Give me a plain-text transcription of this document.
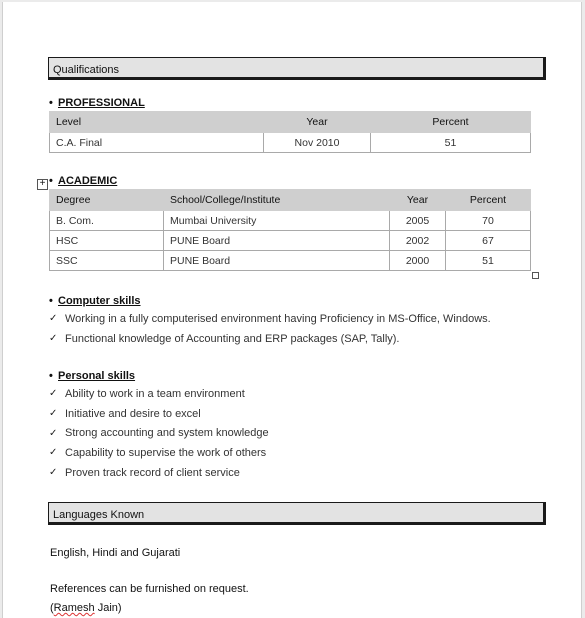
Qualifications
• PROFESSIONAL
Level	Year	Percent
C.A. Final	Nov 2010	51
+ • ACADEMIC
Degree	School/College/Institute	Year	Percent
B. Com.	Mumbai University	2005	70
HSC	PUNE Board	2002	67
SSC	PUNE Board	2000	51
• Computer skills
✓ Working in a fully computerised environment having Proficiency in MS-Office, Windows.
✓ Functional knowledge of Accounting and ERP packages (SAP, Tally).
• Personal skills
✓ Ability to work in a team environment
✓ Initiative and desire to excel
✓ Strong accounting and system knowledge
✓ Capability to supervise the work of others
✓ Proven track record of client service
Languages Known
English, Hindi and Gujarati
References can be furnished on request.
(Ramesh Jain)
